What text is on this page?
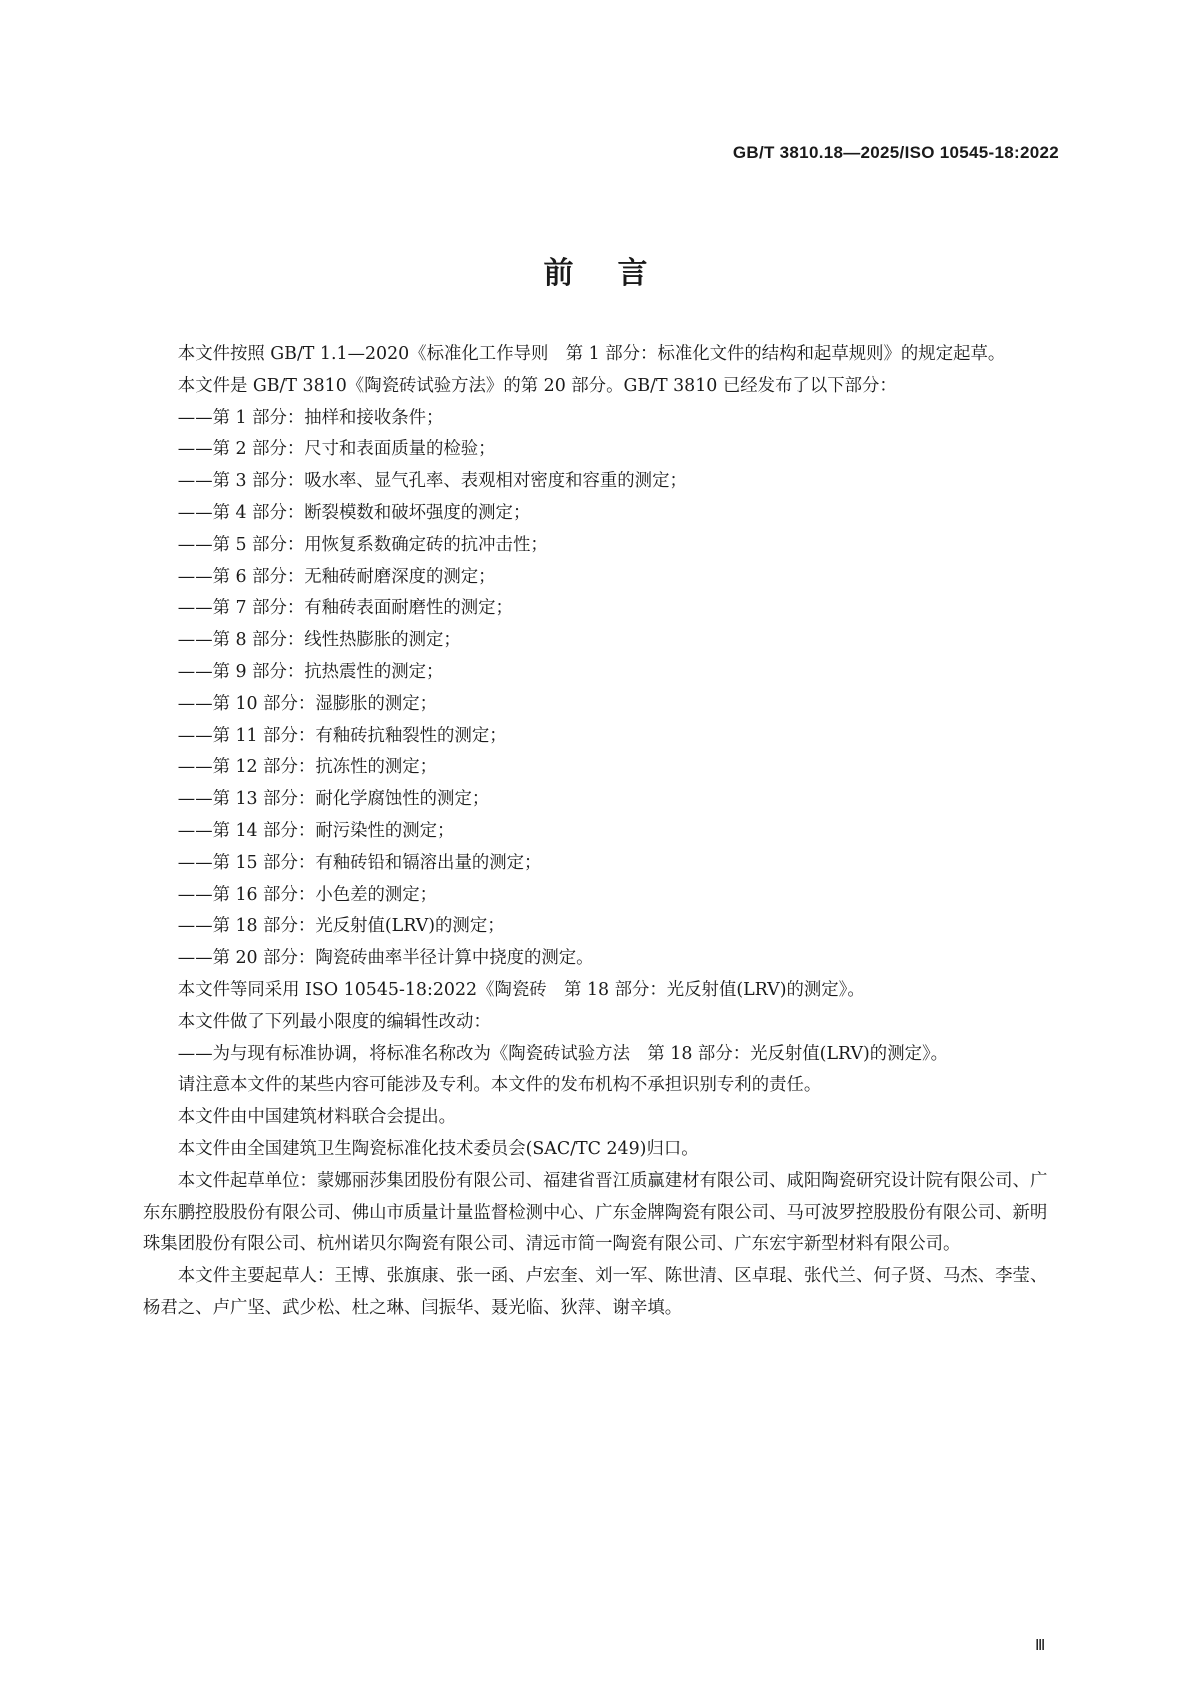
GB/T 3810.18—2025/ISO 10545-18:2022
前言

本文件按照 GB/T 1.1—2020《标准化工作导则　第 1 部分：标准化文件的结构和起草规则》的规定起草。

本文件是 GB/T 3810《陶瓷砖试验方法》的第 20 部分。GB/T 3810 已经发布了以下部分：

——第 1 部分：抽样和接收条件；

——第 2 部分：尺寸和表面质量的检验；

——第 3 部分：吸水率、显气孔率、表观相对密度和容重的测定；

——第 4 部分：断裂模数和破坏强度的测定；

——第 5 部分：用恢复系数确定砖的抗冲击性；

——第 6 部分：无釉砖耐磨深度的测定；

——第 7 部分：有釉砖表面耐磨性的测定；

——第 8 部分：线性热膨胀的测定；

——第 9 部分：抗热震性的测定；

——第 10 部分：湿膨胀的测定；

——第 11 部分：有釉砖抗釉裂性的测定；

——第 12 部分：抗冻性的测定；

——第 13 部分：耐化学腐蚀性的测定；

——第 14 部分：耐污染性的测定；

——第 15 部分：有釉砖铅和镉溶出量的测定；

——第 16 部分：小色差的测定；

——第 18 部分：光反射值(LRV)的测定；

——第 20 部分：陶瓷砖曲率半径计算中挠度的测定。

本文件等同采用 ISO 10545-18:2022《陶瓷砖　第 18 部分：光反射值(LRV)的测定》。

本文件做了下列最小限度的编辑性改动：

——为与现有标准协调，将标准名称改为《陶瓷砖试验方法　第 18 部分：光反射值(LRV)的测定》。

请注意本文件的某些内容可能涉及专利。本文件的发布机构不承担识别专利的责任。

本文件由中国建筑材料联合会提出。

本文件由全国建筑卫生陶瓷标准化技术委员会(SAC/TC 249)归口。

本文件起草单位：蒙娜丽莎集团股份有限公司、福建省晋江质赢建材有限公司、咸阳陶瓷研究设计院有限公司、广东东鹏控股股份有限公司、佛山市质量计量监督检测中心、广东金牌陶瓷有限公司、马可波罗控股股份有限公司、新明珠集团股份有限公司、杭州诺贝尔陶瓷有限公司、清远市简一陶瓷有限公司、广东宏宇新型材料有限公司。

本文件主要起草人：王博、张旗康、张一函、卢宏奎、刘一军、陈世清、区卓琨、张代兰、何子贤、马杰、李莹、杨君之、卢广坚、武少松、杜之琳、闫振华、聂光临、狄萍、谢辛填。

Ⅲ
